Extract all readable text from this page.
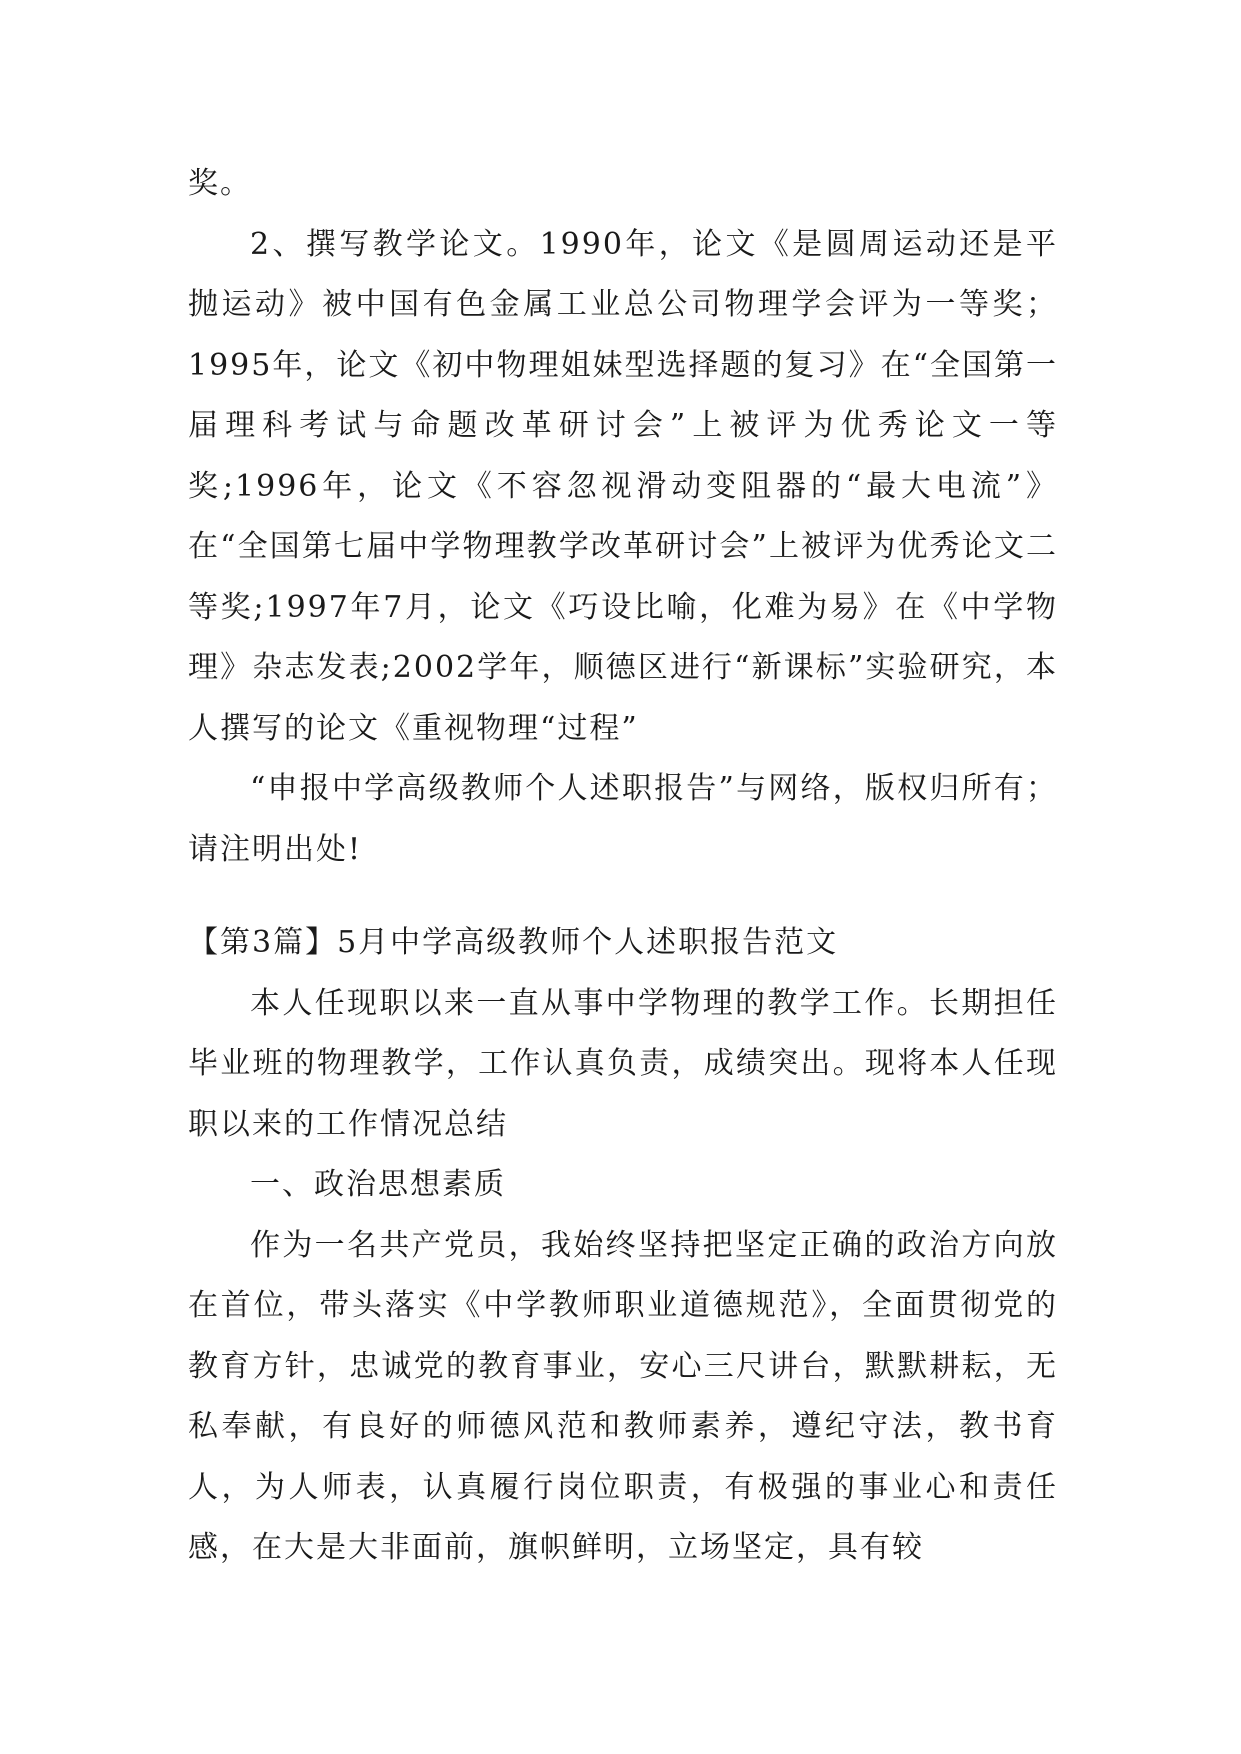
奖。

2、撰写教学论文。1990年，论文《是圆周运动还是平抛运动》被中国有色金属工业总公司物理学会评为一等奖；1995年，论文《初中物理姐妹型选择题的复习》在“全国第一届理科考试与命题改革研讨会”上被评为优秀论文一等奖;1996年，论文《不容忽视滑动变阻器的“最大电流”》在“全国第七届中学物理教学改革研讨会”上被评为优秀论文二等奖;1997年7月，论文《巧设比喻，化难为易》在《中学物理》杂志发表;2002学年，顺德区进行“新课标”实验研究，本人撰写的论文《重视物理“过程”

“申报中学高级教师个人述职报告”与网络，版权归所有；请注明出处!

【第3篇】5月中学高级教师个人述职报告范文

本人任现职以来一直从事中学物理的教学工作。长期担任毕业班的物理教学，工作认真负责，成绩突出。现将本人任现职以来的工作情况总结

一、政治思想素质

作为一名共产党员，我始终坚持把坚定正确的政治方向放在首位，带头落实《中学教师职业道德规范》，全面贯彻党的教育方针，忠诚党的教育事业，安心三尺讲台，默默耕耘，无私奉献，有良好的师德风范和教师素养，遵纪守法，教书育人，为人师表，认真履行岗位职责，有极强的事业心和责任感，在大是大非面前，旗帜鲜明，立场坚定，具有较
